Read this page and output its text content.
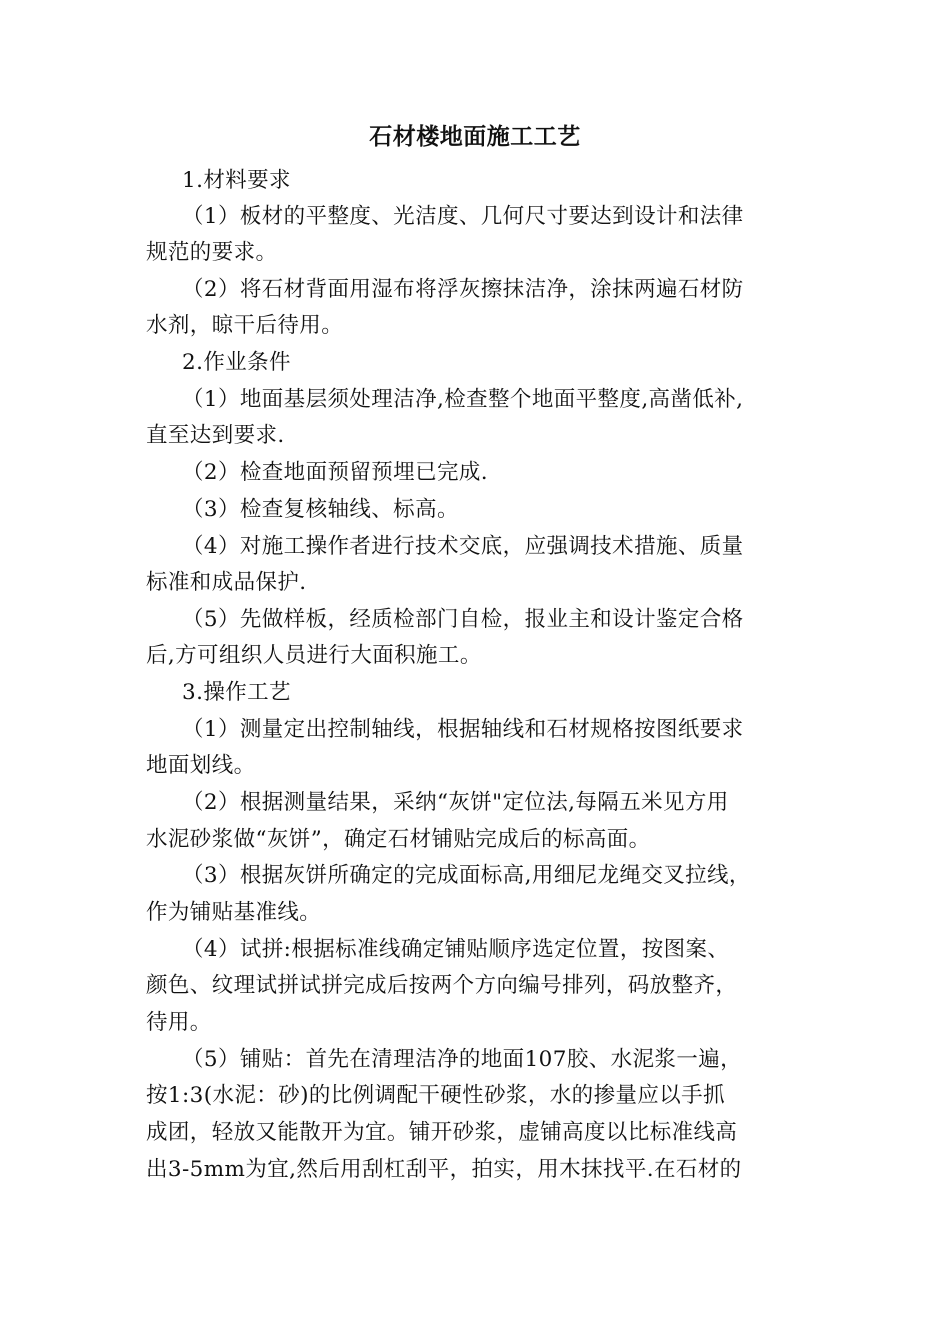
石材楼地面施工工艺
1.材料要求
（1）板材的平整度、光洁度、几何尺寸要达到设计和法律
规范的要求。
（2）将石材背面用湿布将浮灰擦抹洁净，涂抹两遍石材防
水剂，晾干后待用。
2.作业条件
（1）地面基层须处理洁净,检查整个地面平整度,高凿低补,
直至达到要求.
（2）检查地面预留预埋已完成.
（3）检查复核轴线、标高。
（4）对施工操作者进行技术交底，应强调技术措施、质量
标准和成品保护.
（5）先做样板，经质检部门自检，报业主和设计鉴定合格
后,方可组织人员进行大面积施工。
3.操作工艺
（1）测量定出控制轴线，根据轴线和石材规格按图纸要求
地面划线。
（2）根据测量结果，采纳“灰饼"定位法,每隔五米见方用
水泥砂浆做“灰饼”，确定石材铺贴完成后的标高面。
（3）根据灰饼所确定的完成面标高,用细尼龙绳交叉拉线，
作为铺贴基准线。
（4）试拼:根据标准线确定铺贴顺序选定位置，按图案、
颜色、纹理试拼试拼完成后按两个方向编号排列，码放整齐，
待用。
（5）铺贴：首先在清理洁净的地面107胶、水泥浆一遍，
按1:3(水泥：砂)的比例调配干硬性砂浆，水的掺量应以手抓
成团，轻放又能散开为宜。铺开砂浆，虚铺高度以比标准线高
出3-5mm为宜,然后用刮杠刮平，拍实，用木抹找平.在石材的
